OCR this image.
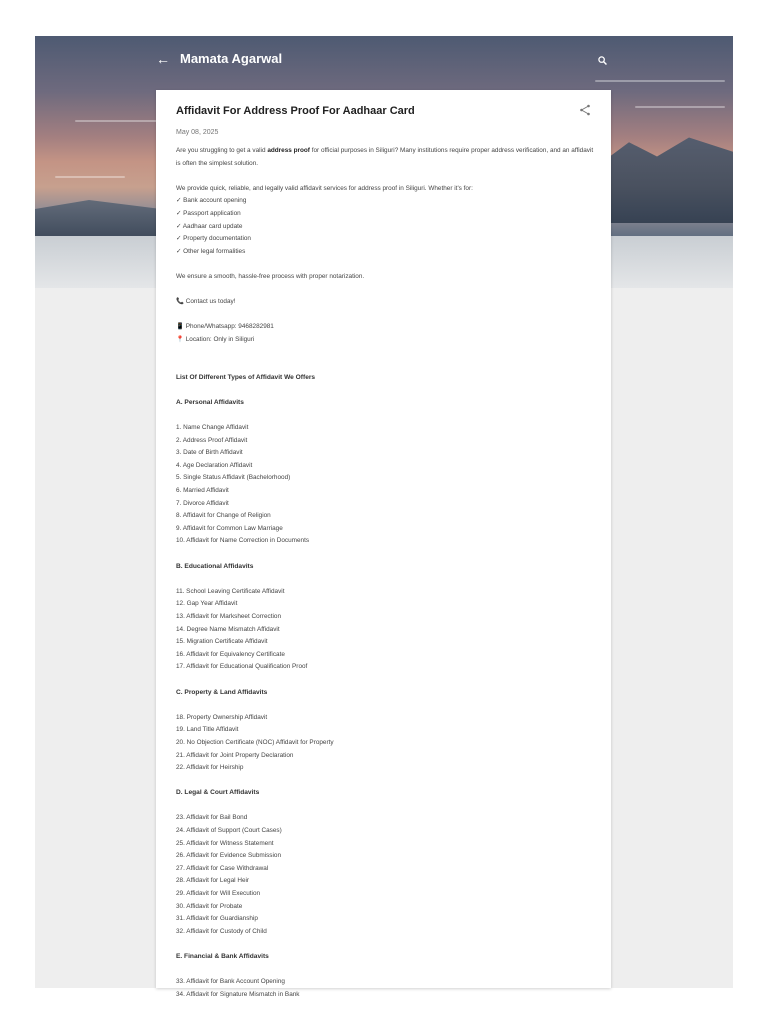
← Mamata Agarwal
Affidavit For Address Proof For Aadhaar Card
May 08, 2025

Are you struggling to get a valid address proof for official purposes in Siliguri? Many institutions require proper address verification, and an affidavit is often the simplest solution.

We provide quick, reliable, and legally valid affidavit services for address proof in Siliguri. Whether it's for:

✓ Bank account opening
✓ Passport application
✓ Aadhaar card update
✓ Property documentation
✓ Other legal formalities

We ensure a smooth, hassle-free process with proper notarization.

📞 Contact us today!

📱 Phone/Whatsapp: 9468282981

📍 Location: Only in Siliguri

List Of Different Types of Affidavit We Offers

A. Personal Affidavits

1. Name Change Affidavit
2. Address Proof Affidavit
3. Date of Birth Affidavit
4. Age Declaration Affidavit
5. Single Status Affidavit (Bachelorhood)
6. Married Affidavit
7. Divorce Affidavit
8. Affidavit for Change of Religion
9. Affidavit for Common Law Marriage
10. Affidavit for Name Correction in Documents

B. Educational Affidavits

11. School Leaving Certificate Affidavit
12. Gap Year Affidavit
13. Affidavit for Marksheet Correction
14. Degree Name Mismatch Affidavit
15. Migration Certificate Affidavit
16. Affidavit for Equivalency Certificate
17. Affidavit for Educational Qualification Proof

C. Property & Land Affidavits

18. Property Ownership Affidavit
19. Land Title Affidavit
20. No Objection Certificate (NOC) Affidavit for Property
21. Affidavit for Joint Property Declaration
22. Affidavit for Heirship

D. Legal & Court Affidavits

23. Affidavit for Bail Bond
24. Affidavit of Support (Court Cases)
25. Affidavit for Witness Statement
26. Affidavit for Evidence Submission
27. Affidavit for Case Withdrawal
28. Affidavit for Legal Heir
29. Affidavit for Will Execution
30. Affidavit for Probate
31. Affidavit for Guardianship
32. Affidavit for Custody of Child

E. Financial & Bank Affidavits

33. Affidavit for Bank Account Opening
34. Affidavit for Signature Mismatch in Bank
